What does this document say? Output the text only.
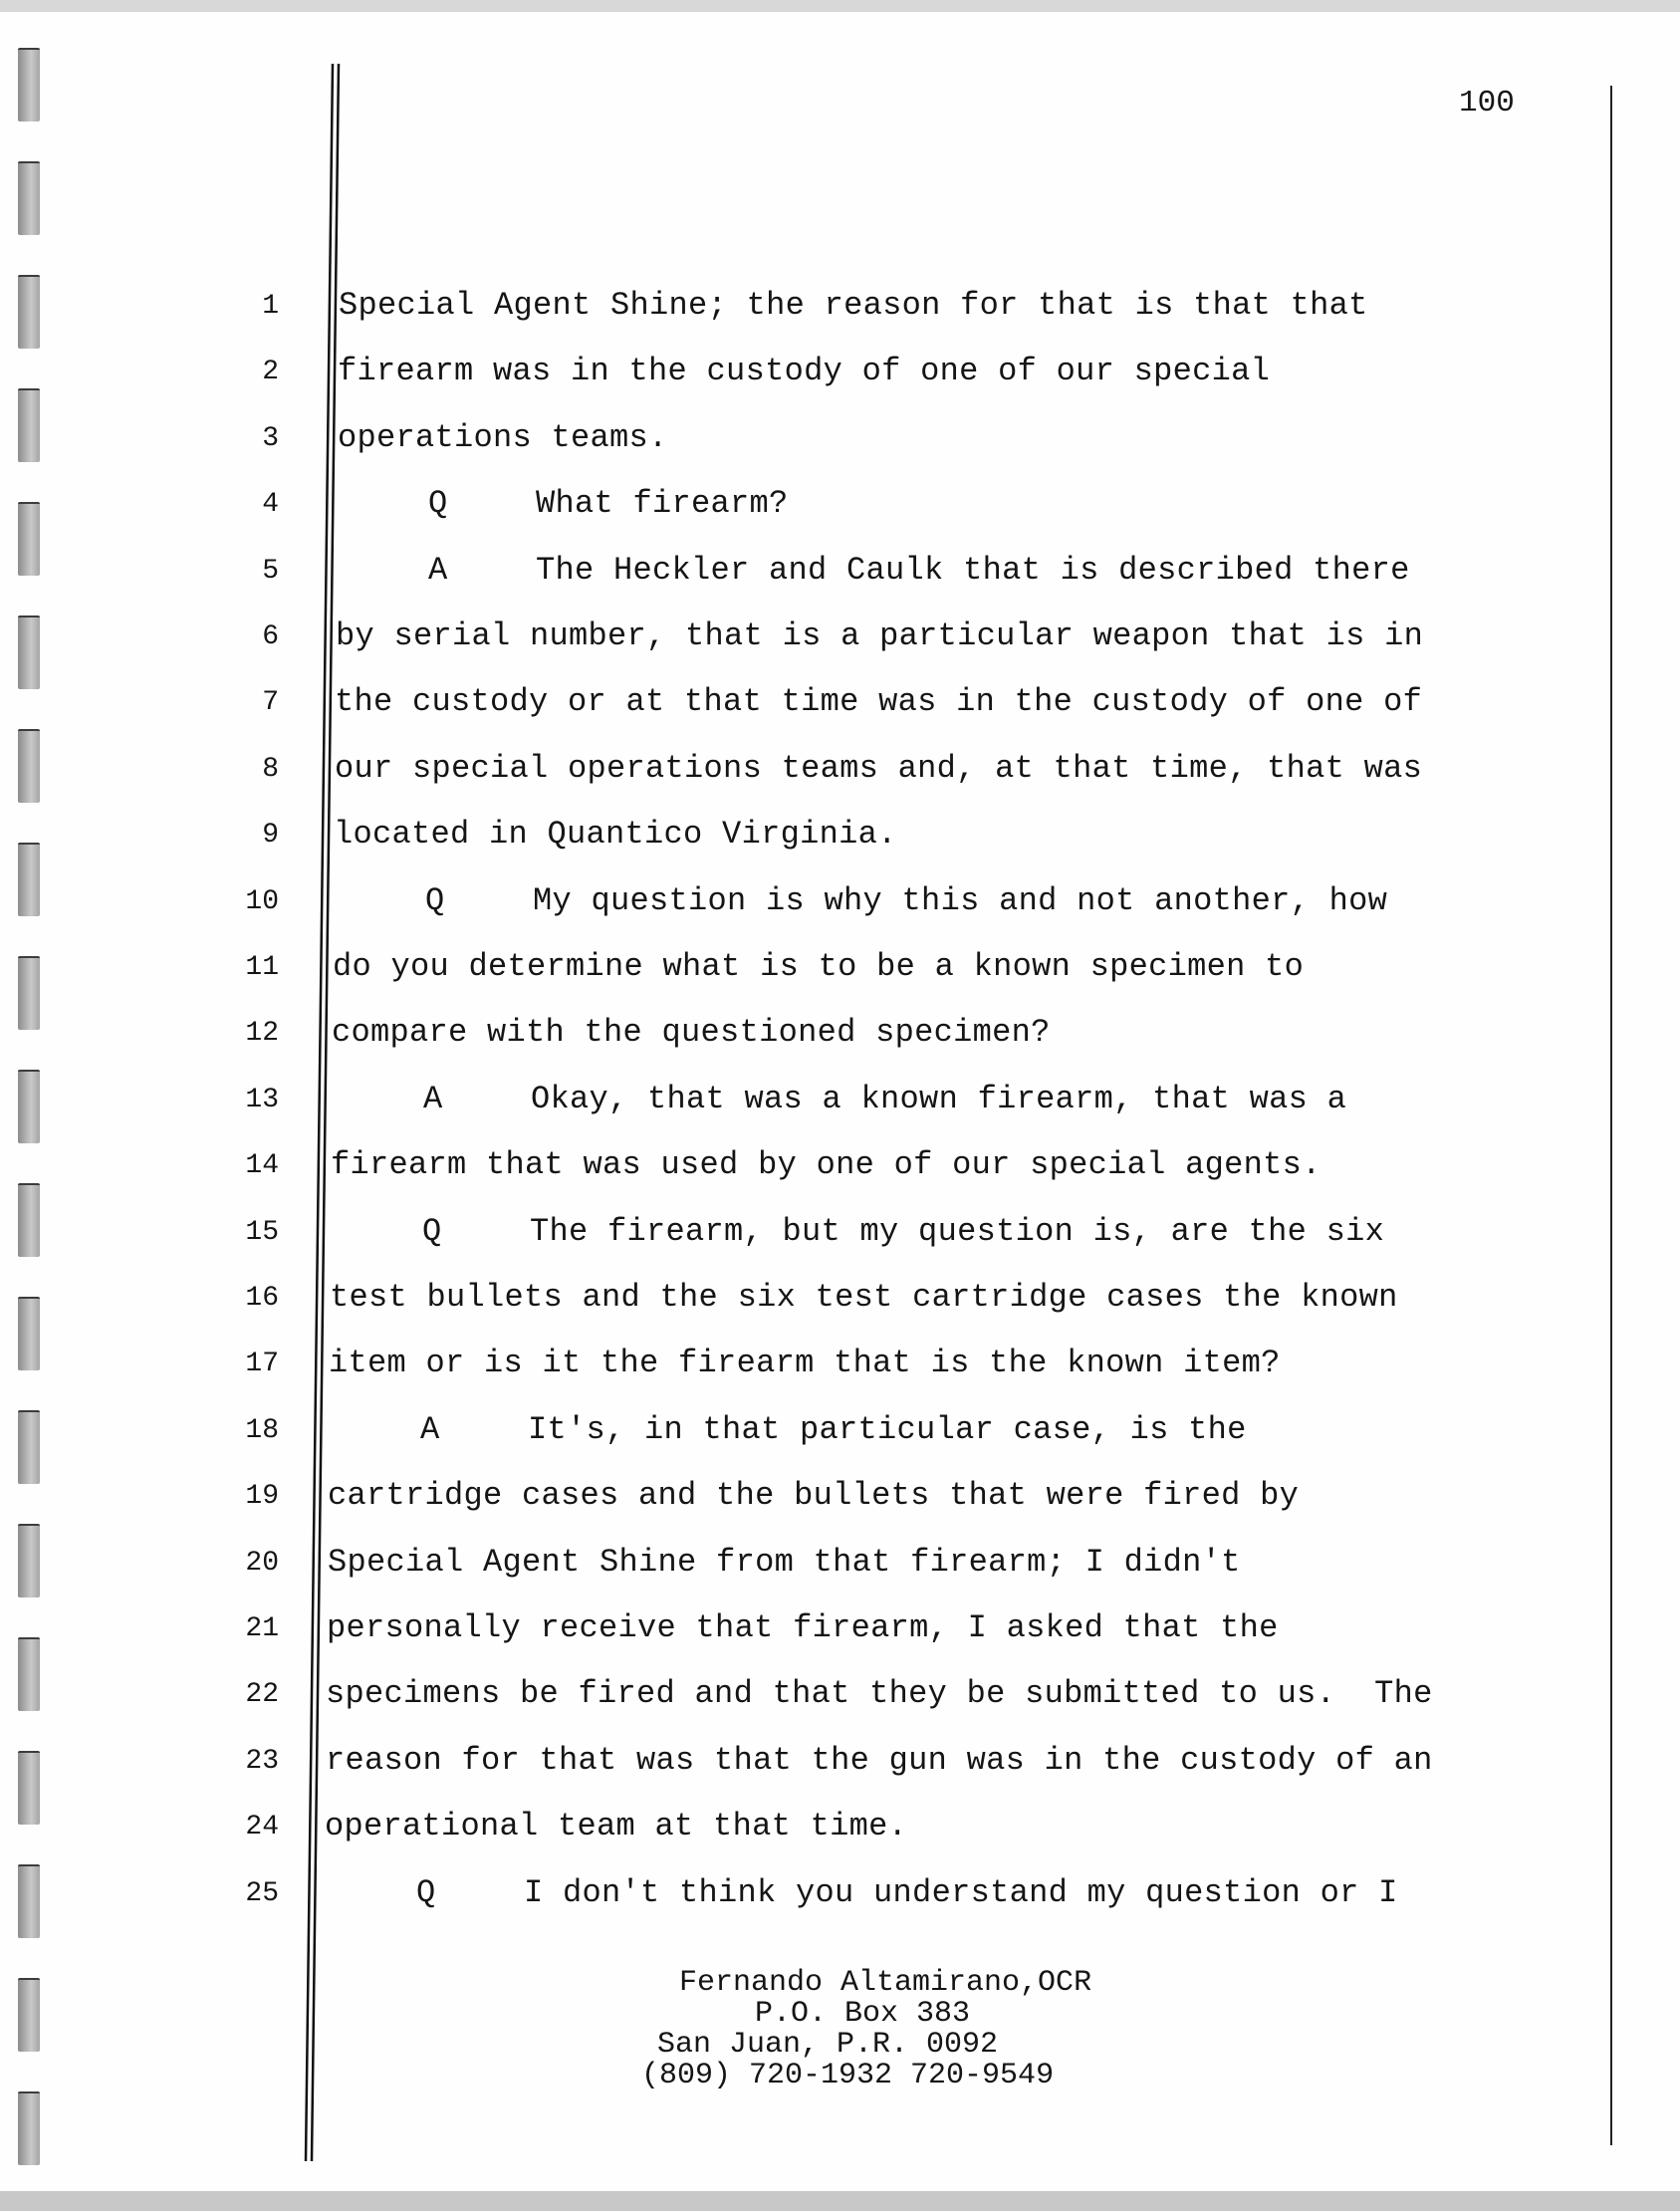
100
1 Special Agent Shine; the reason for that is that that
2 firearm was in the custody of one of our special
3 operations teams.
4	Q	What firearm?
5	A	The Heckler and Caulk that is described there
6 by serial number, that is a particular weapon that is in
7 the custody or at that time was in the custody of one of
8 our special operations teams and, at that time, that was
9 located in Quantico Virginia.
10	Q	My question is why this and not another, how
11 do you determine what is to be a known specimen to
12 compare with the questioned specimen?
13	A	Okay, that was a known firearm, that was a
14 firearm that was used by one of our special agents.
15	Q	The firearm, but my question is, are the six
16 test bullets and the six test cartridge cases the known
17 item or is it the firearm that is the known item?
18	A	It's, in that particular case, is the
19 cartridge cases and the bullets that were fired by
20 Special Agent Shine from that firearm; I didn't
21 personally receive that firearm, I asked that the
22 specimens be fired and that they be submitted to us.  The
23 reason for that was that the gun was in the custody of an
24 operational team at that time.
25	Q	I don't think you understand my question or I
Fernando Altamirano,OCR
P.O. Box 383
San Juan, P.R. 0092
(809) 720-1932 720-9549
